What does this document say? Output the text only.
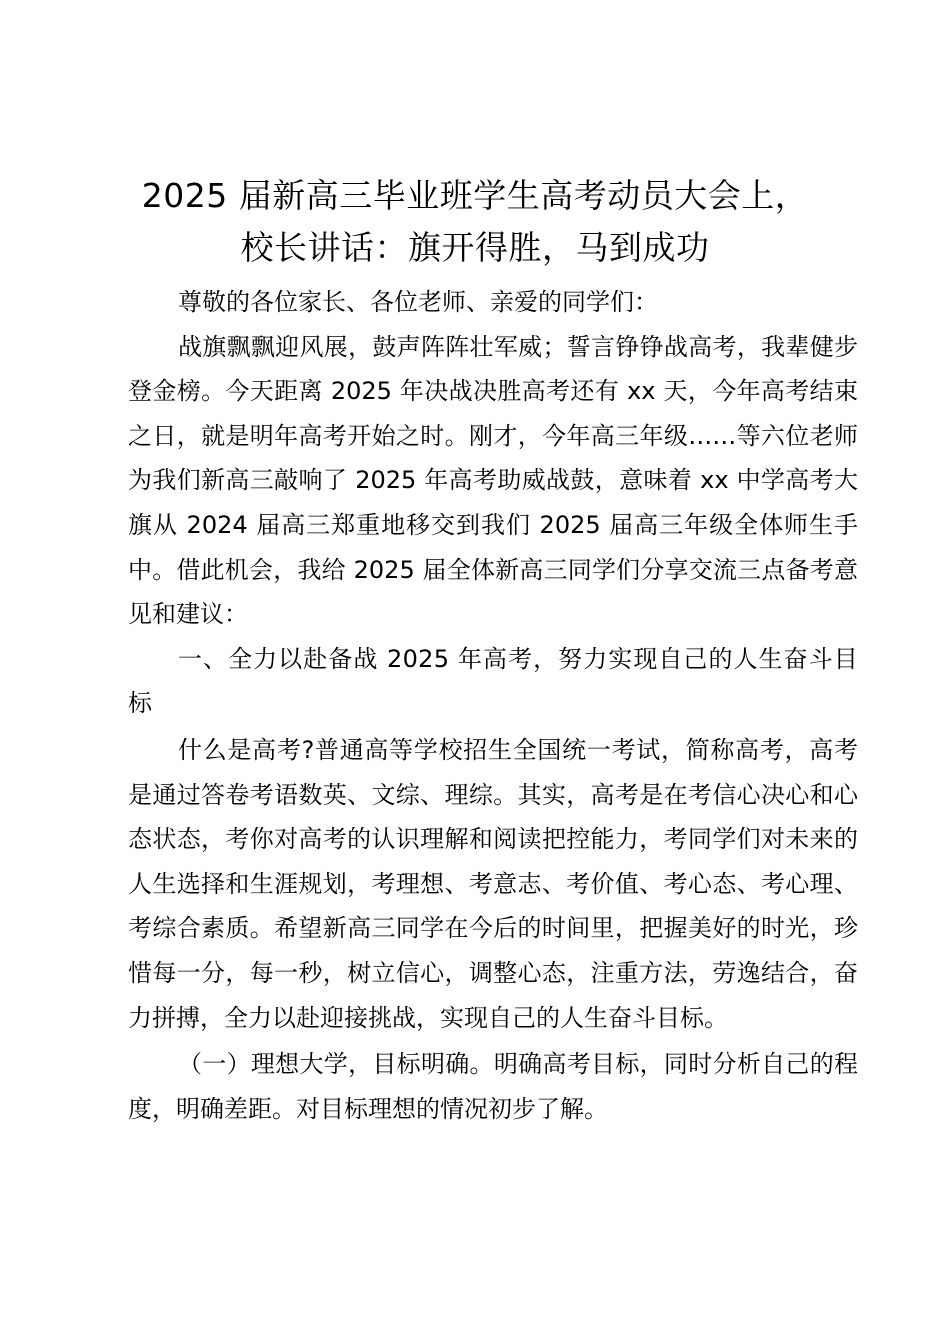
2025 届新高三毕业班学生高考动员大会上，
校长讲话：旗开得胜，马到成功

尊敬的各位家长、各位老师、亲爱的同学们：

战旗飘飘迎风展，鼓声阵阵壮军威；誓言铮铮战高考，我辈健步登金榜。今天距离 2025 年决战决胜高考还有 xx 天，今年高考结束之日，就是明年高考开始之时。刚才，今年高三年级……等六位老师为我们新高三敲响了 2025 年高考助威战鼓，意味着 xx 中学高考大旗从 2024 届高三郑重地移交到我们 2025 届高三年级全体师生手中。借此机会，我给 2025 届全体新高三同学们分享交流三点备考意见和建议：

一、全力以赴备战 2025 年高考，努力实现自己的人生奋斗目标

什么是高考?普通高等学校招生全国统一考试，简称高考，高考是通过答卷考语数英、文综、理综。其实，高考是在考信心决心和心态状态，考你对高考的认识理解和阅读把控能力，考同学们对未来的人生选择和生涯规划，考理想、考意志、考价值、考心态、考心理、考综合素质。希望新高三同学在今后的时间里，把握美好的时光，珍惜每一分，每一秒，树立信心，调整心态，注重方法，劳逸结合，奋力拼搏，全力以赴迎接挑战，实现自己的人生奋斗目标。

（一）理想大学，目标明确。明确高考目标，同时分析自己的程度，明确差距。对目标理想的情况初步了解。
